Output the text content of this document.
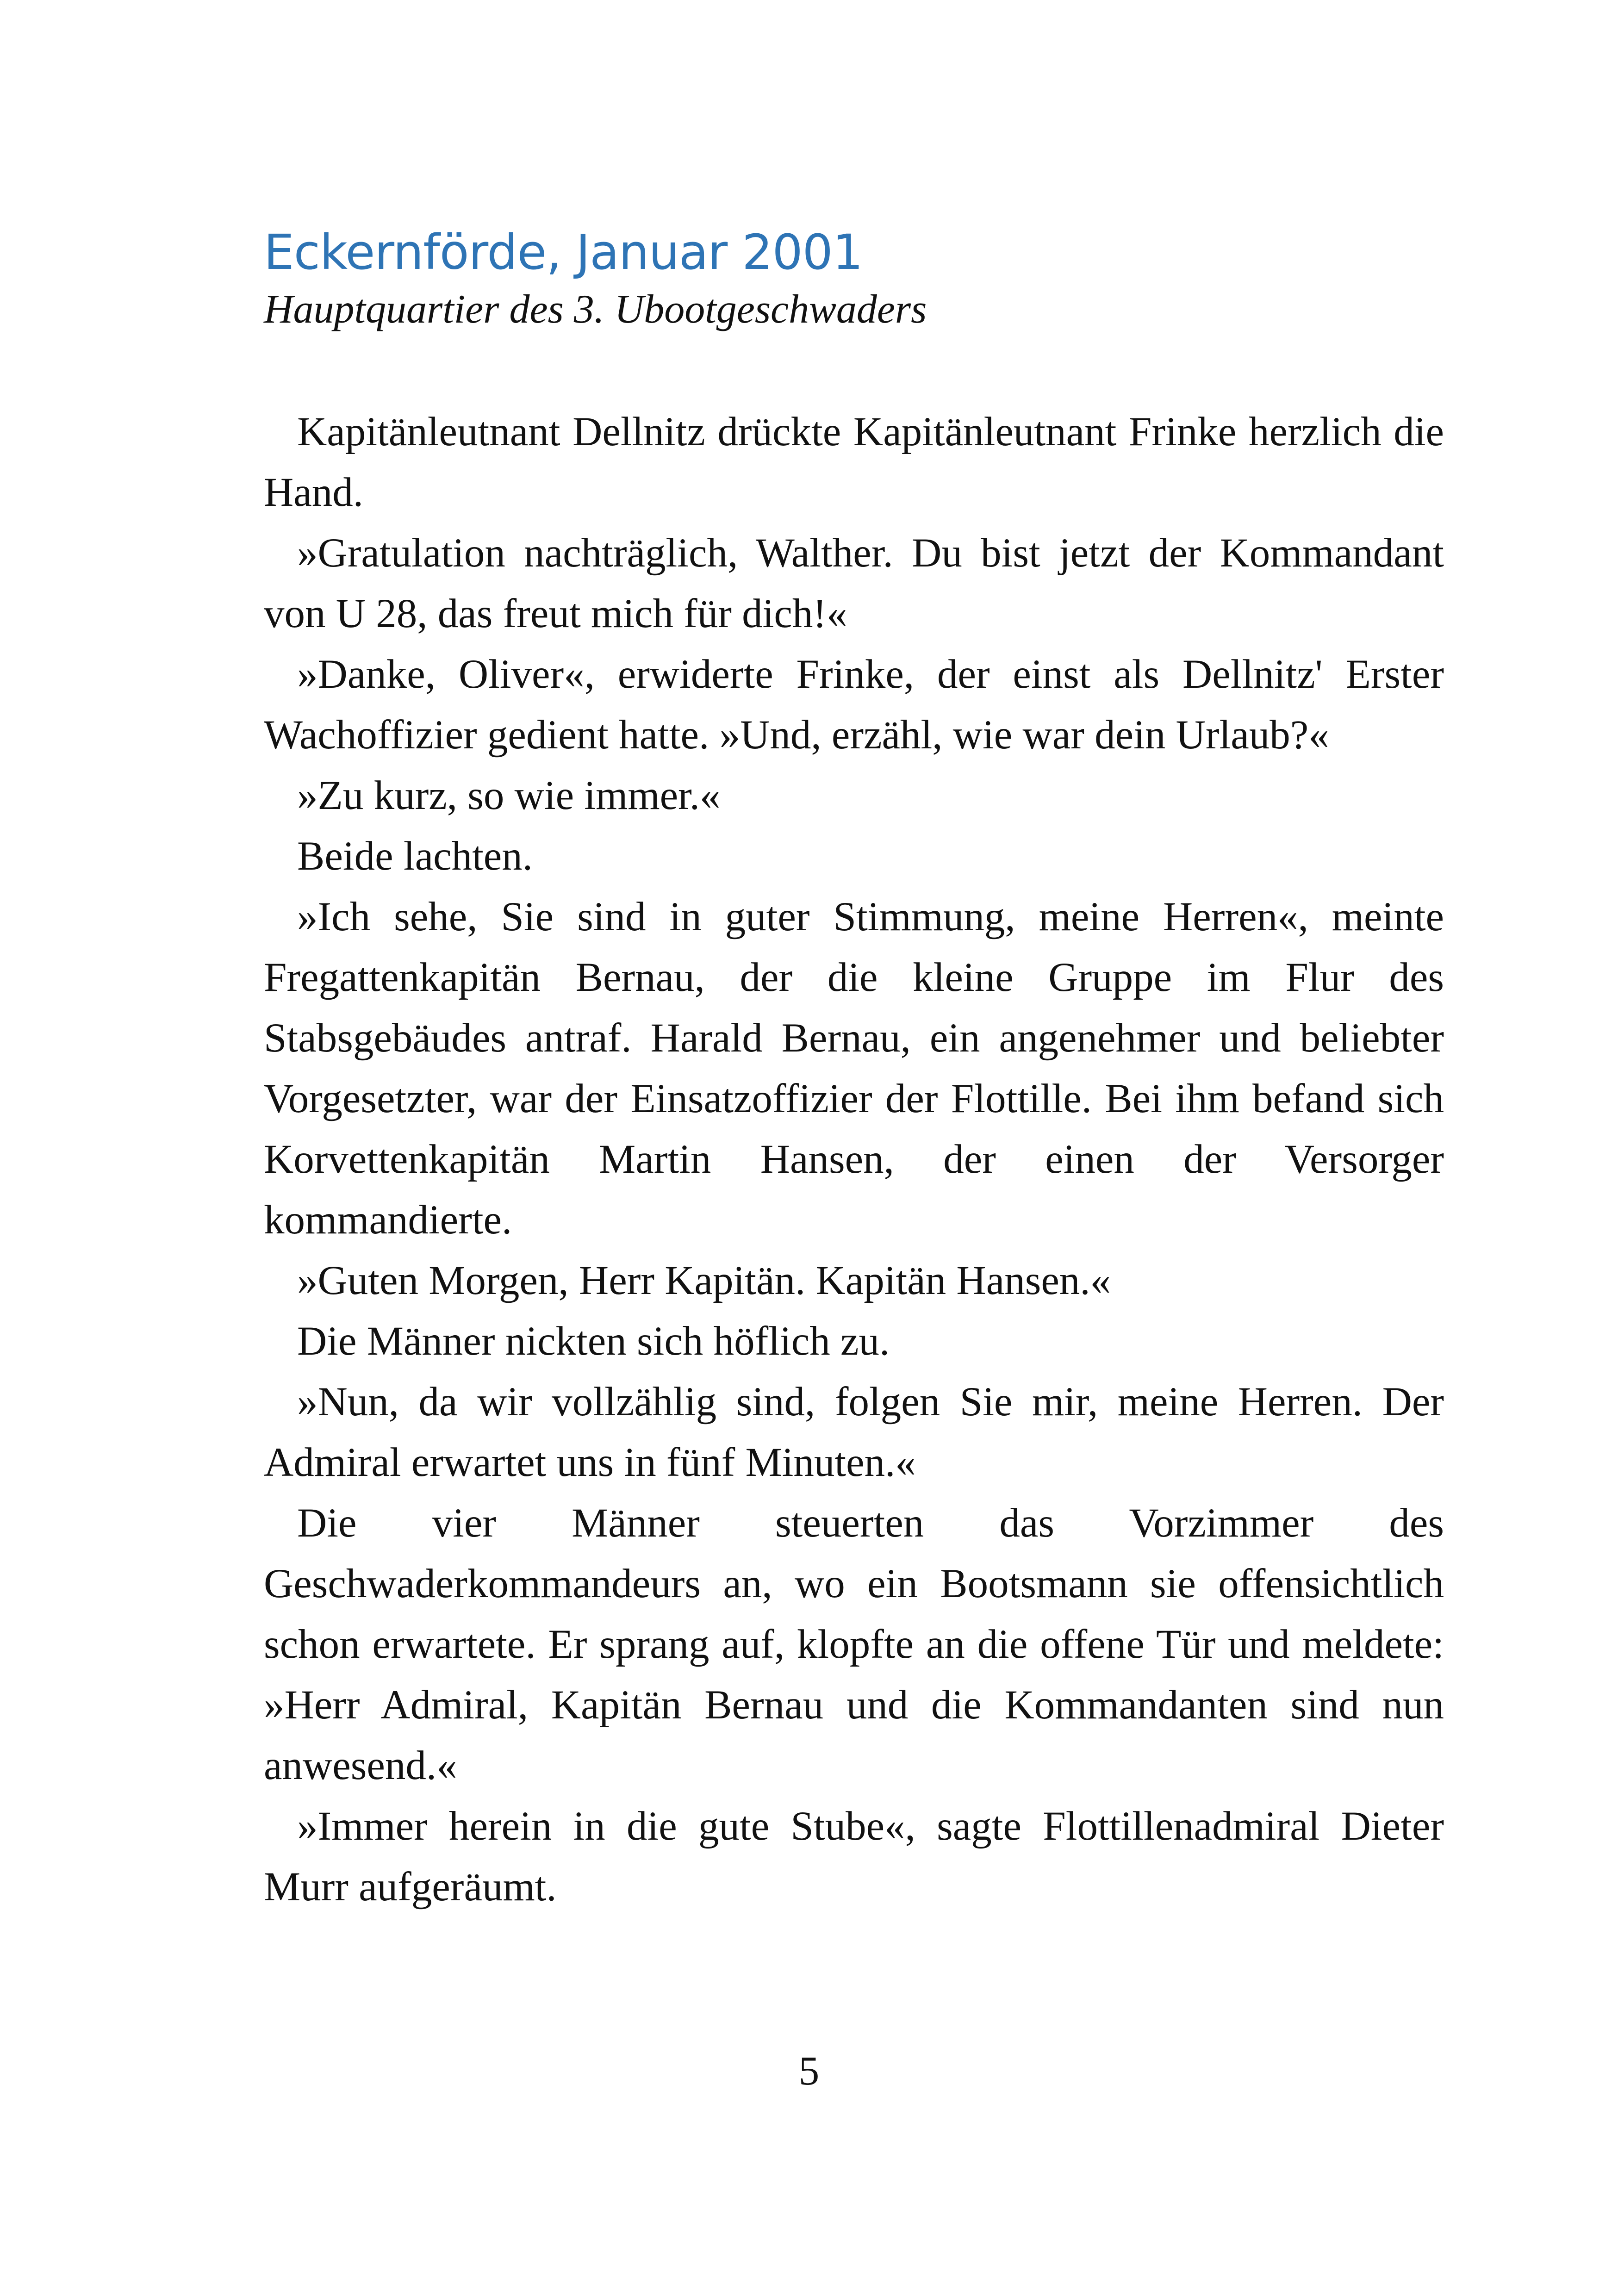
Eckernförde, Januar 2001
Hauptquartier des 3. Ubootgeschwaders

Kapitänleutnant Dellnitz drückte Kapitänleutnant Frinke herzlich die Hand.

»Gratulation nachträglich, Walther. Du bist jetzt der Kommandant von U 28, das freut mich für dich!«

»Danke, Oliver«, erwiderte Frinke, der einst als Dellnitz' Erster Wachoffizier gedient hatte. »Und, erzähl, wie war dein Urlaub?«

»Zu kurz, so wie immer.«

Beide lachten.

»Ich sehe, Sie sind in guter Stimmung, meine Herren«, meinte Fregattenkapitän Bernau, der die kleine Gruppe im Flur des Stabsgebäudes antraf. Harald Bernau, ein angenehmer und beliebter Vorgesetzter, war der Einsatzoffizier der Flottille. Bei ihm befand sich Korvettenkapitän Martin Hansen, der einen der Versorger kommandierte.

»Guten Morgen, Herr Kapitän. Kapitän Hansen.«

Die Männer nickten sich höflich zu.

»Nun, da wir vollzählig sind, folgen Sie mir, meine Herren. Der Admiral erwartet uns in fünf Minuten.«

Die vier Männer steuerten das Vorzimmer des Geschwaderkommandeurs an, wo ein Bootsmann sie offensichtlich schon erwartete. Er sprang auf, klopfte an die offene Tür und meldete: »Herr Admiral, Kapitän Bernau und die Kommandanten sind nun anwesend.«

»Immer herein in die gute Stube«, sagte Flottillenadmiral Dieter Murr aufgeräumt.

5
